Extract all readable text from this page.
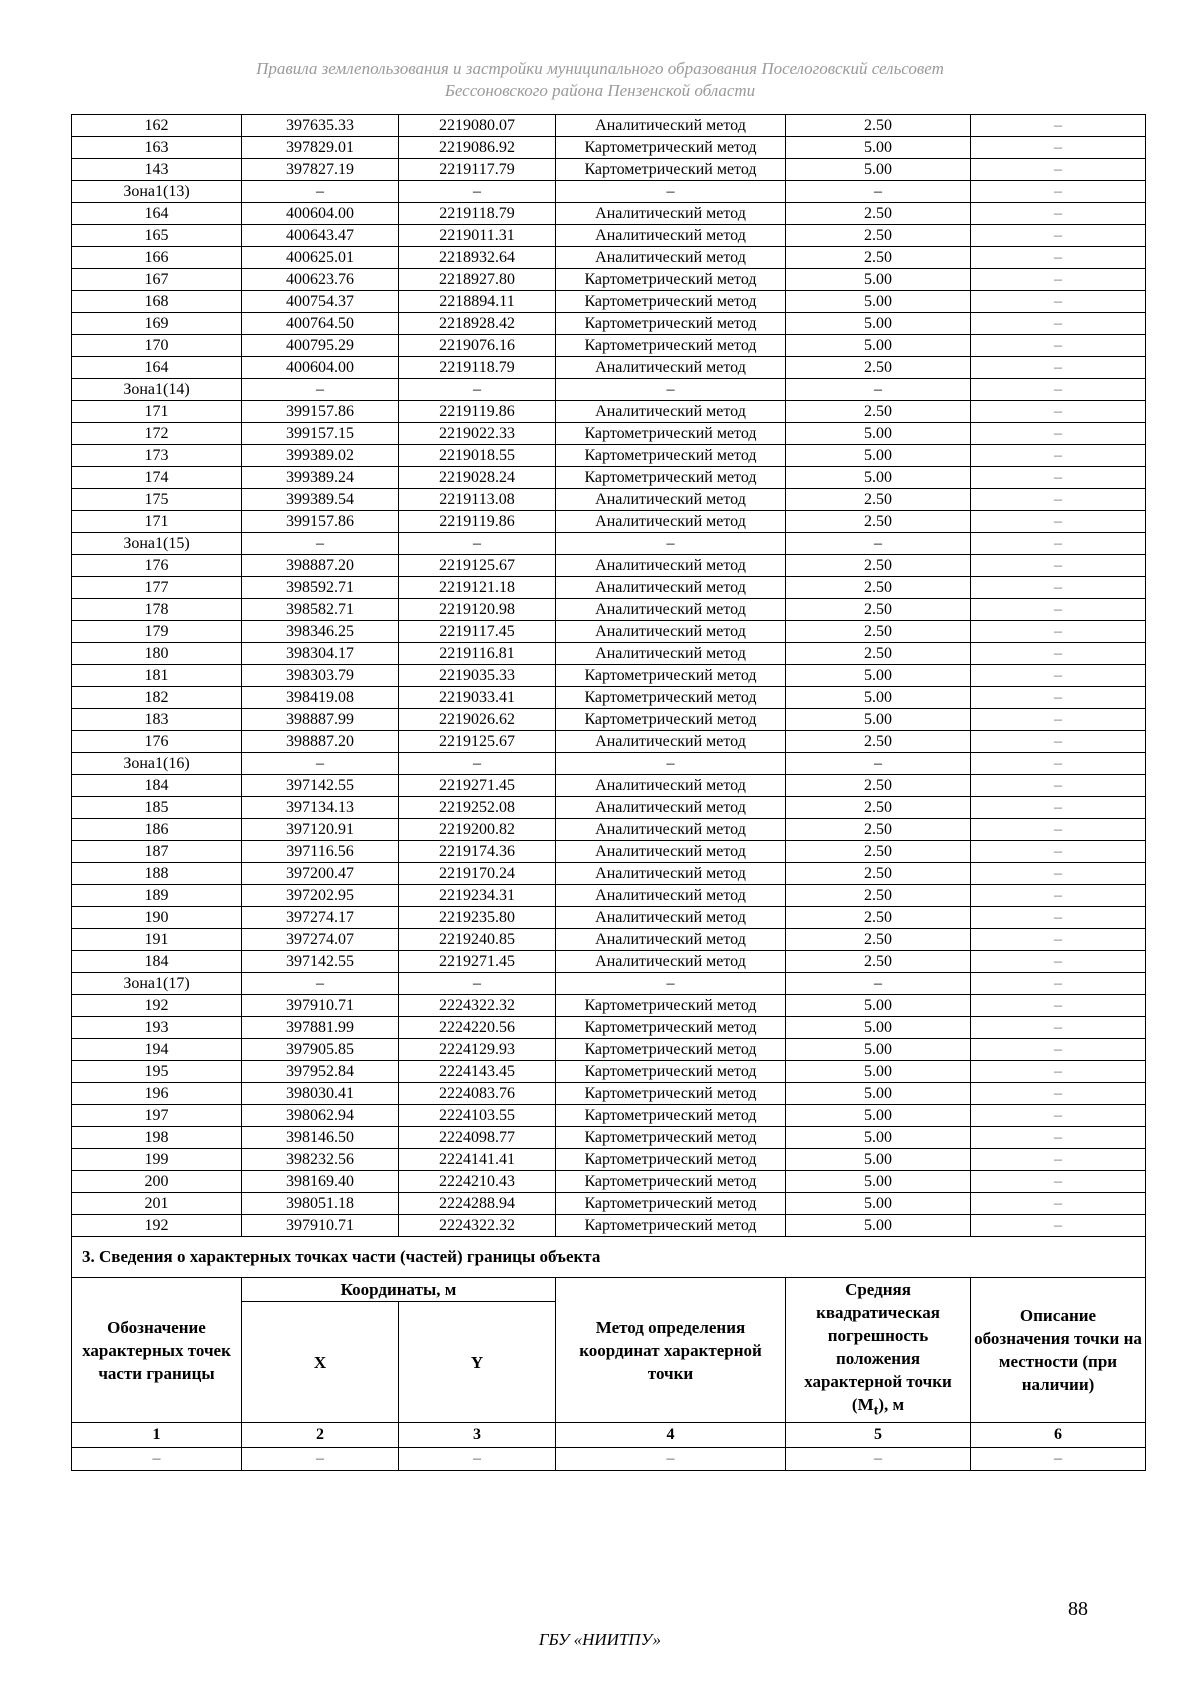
Правила землепользования и застройки муниципального образования Поселоговский сельсовет
Бессоновского района Пензенской области
162	397635.33	2219080.07	Аналитический метод	2.50	–
163	397829.01	2219086.92	Картометрический метод	5.00	–
143	397827.19	2219117.79	Картометрический метод	5.00	–
Зона1(13)	–	–	–	–	–
164	400604.00	2219118.79	Аналитический метод	2.50	–
165	400643.47	2219011.31	Аналитический метод	2.50	–
166	400625.01	2218932.64	Аналитический метод	2.50	–
167	400623.76	2218927.80	Картометрический метод	5.00	–
168	400754.37	2218894.11	Картометрический метод	5.00	–
169	400764.50	2218928.42	Картометрический метод	5.00	–
170	400795.29	2219076.16	Картометрический метод	5.00	–
164	400604.00	2219118.79	Аналитический метод	2.50	–
Зона1(14)	–	–	–	–	–
171	399157.86	2219119.86	Аналитический метод	2.50	–
172	399157.15	2219022.33	Картометрический метод	5.00	–
173	399389.02	2219018.55	Картометрический метод	5.00	–
174	399389.24	2219028.24	Картометрический метод	5.00	–
175	399389.54	2219113.08	Аналитический метод	2.50	–
171	399157.86	2219119.86	Аналитический метод	2.50	–
Зона1(15)	–	–	–	–	–
176	398887.20	2219125.67	Аналитический метод	2.50	–
177	398592.71	2219121.18	Аналитический метод	2.50	–
178	398582.71	2219120.98	Аналитический метод	2.50	–
179	398346.25	2219117.45	Аналитический метод	2.50	–
180	398304.17	2219116.81	Аналитический метод	2.50	–
181	398303.79	2219035.33	Картометрический метод	5.00	–
182	398419.08	2219033.41	Картометрический метод	5.00	–
183	398887.99	2219026.62	Картометрический метод	5.00	–
176	398887.20	2219125.67	Аналитический метод	2.50	–
Зона1(16)	–	–	–	–	–
184	397142.55	2219271.45	Аналитический метод	2.50	–
185	397134.13	2219252.08	Аналитический метод	2.50	–
186	397120.91	2219200.82	Аналитический метод	2.50	–
187	397116.56	2219174.36	Аналитический метод	2.50	–
188	397200.47	2219170.24	Аналитический метод	2.50	–
189	397202.95	2219234.31	Аналитический метод	2.50	–
190	397274.17	2219235.80	Аналитический метод	2.50	–
191	397274.07	2219240.85	Аналитический метод	2.50	–
184	397142.55	2219271.45	Аналитический метод	2.50	–
Зона1(17)	–	–	–	–	–
192	397910.71	2224322.32	Картометрический метод	5.00	–
193	397881.99	2224220.56	Картометрический метод	5.00	–
194	397905.85	2224129.93	Картометрический метод	5.00	–
195	397952.84	2224143.45	Картометрический метод	5.00	–
196	398030.41	2224083.76	Картометрический метод	5.00	–
197	398062.94	2224103.55	Картометрический метод	5.00	–
198	398146.50	2224098.77	Картометрический метод	5.00	–
199	398232.56	2224141.41	Картометрический метод	5.00	–
200	398169.40	2224210.43	Картометрический метод	5.00	–
201	398051.18	2224288.94	Картометрический метод	5.00	–
192	397910.71	2224322.32	Картометрический метод	5.00	–
3. Сведения о характерных точках части (частей) границы объекта					
Обозначение характерных точек части границы	Координаты, м		Метод определения координат характерной точки	Средняя квадратическая погрешность положения характерной точки $(M_t)$, м	Описание обозначения точки на местности (при наличии)
	X	Y			
1	2	3	4	5	6
–	–	–	–	–	–
88
ГБУ «НИИТПУ»
